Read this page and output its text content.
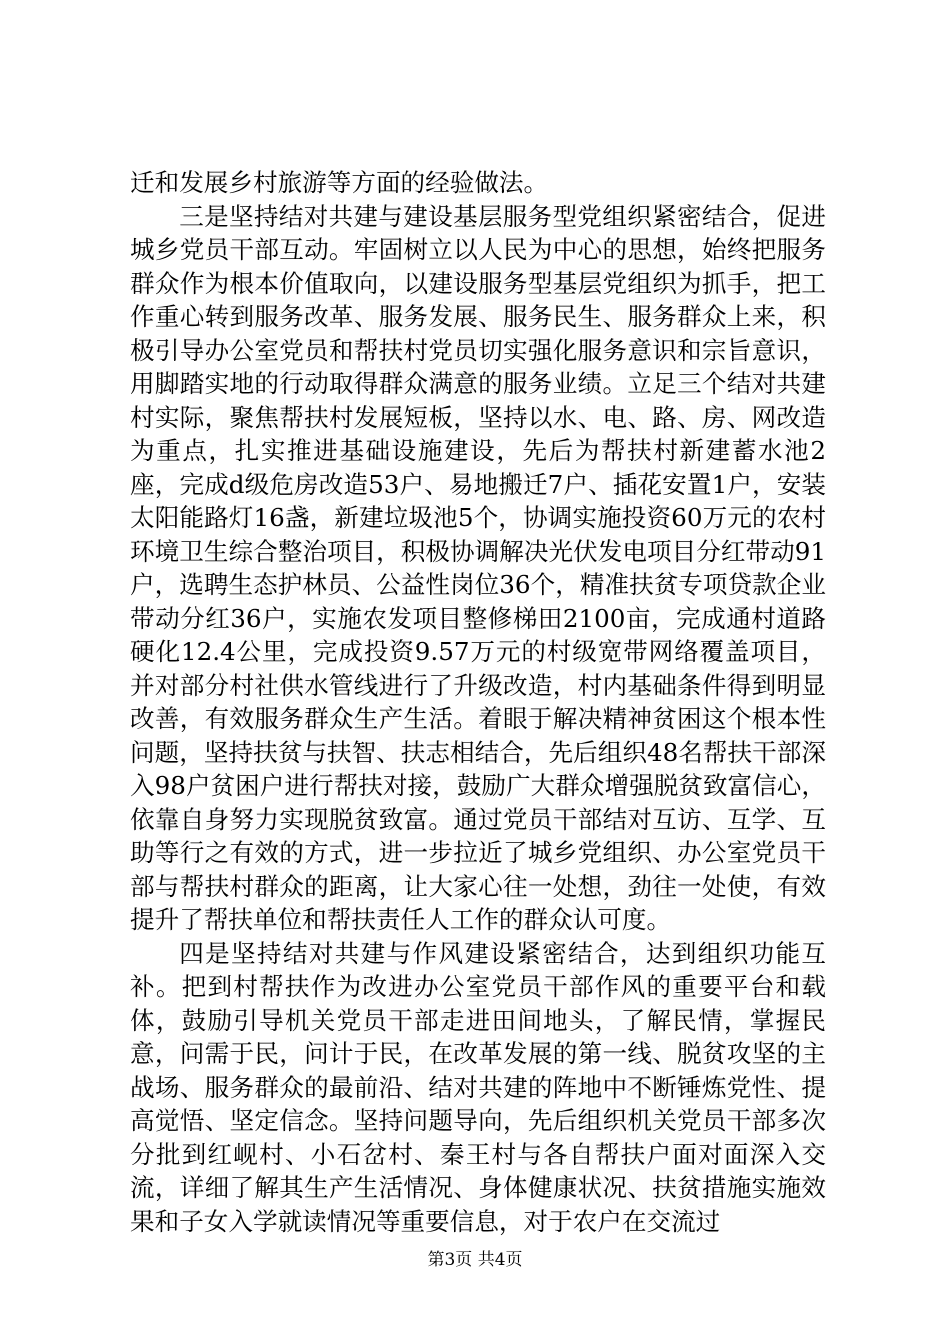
迁和发展乡村旅游等方面的经验做法。

三是坚持结对共建与建设基层服务型党组织紧密结合，促进城乡党员干部互动。牢固树立以人民为中心的思想，始终把服务群众作为根本价值取向，以建设服务型基层党组织为抓手，把工作重心转到服务改革、服务发展、服务民生、服务群众上来，积极引导办公室党员和帮扶村党员切实强化服务意识和宗旨意识，用脚踏实地的行动取得群众满意的服务业绩。立足三个结对共建村实际，聚焦帮扶村发展短板，坚持以水、电、路、房、网改造为重点，扎实推进基础设施建设，先后为帮扶村新建蓄水池2座，完成d级危房改造53户、易地搬迁7户、插花安置1户，安装太阳能路灯16盏，新建垃圾池5个，协调实施投资60万元的农村环境卫生综合整治项目，积极协调解决光伏发电项目分红带动91户，选聘生态护林员、公益性岗位36个，精准扶贫专项贷款企业带动分红36户，实施农发项目整修梯田2100亩，完成通村道路硬化12.4公里，完成投资9.57万元的村级宽带网络覆盖项目，并对部分村社供水管线进行了升级改造，村内基础条件得到明显改善，有效服务群众生产生活。着眼于解决精神贫困这个根本性问题，坚持扶贫与扶智、扶志相结合，先后组织48名帮扶干部深入98户贫困户进行帮扶对接，鼓励广大群众增强脱贫致富信心，依靠自身努力实现脱贫致富。通过党员干部结对互访、互学、互助等行之有效的方式，进一步拉近了城乡党组织、办公室党员干部与帮扶村群众的距离，让大家心往一处想，劲往一处使，有效提升了帮扶单位和帮扶责任人工作的群众认可度。

四是坚持结对共建与作风建设紧密结合，达到组织功能互补。把到村帮扶作为改进办公室党员干部作风的重要平台和载体，鼓励引导机关党员干部走进田间地头，了解民情，掌握民意，问需于民，问计于民，在改革发展的第一线、脱贫攻坚的主战场、服务群众的最前沿、结对共建的阵地中不断锤炼党性、提高觉悟、坚定信念。坚持问题导向，先后组织机关党员干部多次分批到红岘村、小石岔村、秦王村与各自帮扶户面对面深入交流，详细了解其生产生活情况、身体健康状况、扶贫措施实施效果和子女入学就读情况等重要信息，对于农户在交流过

第3页 共4页
